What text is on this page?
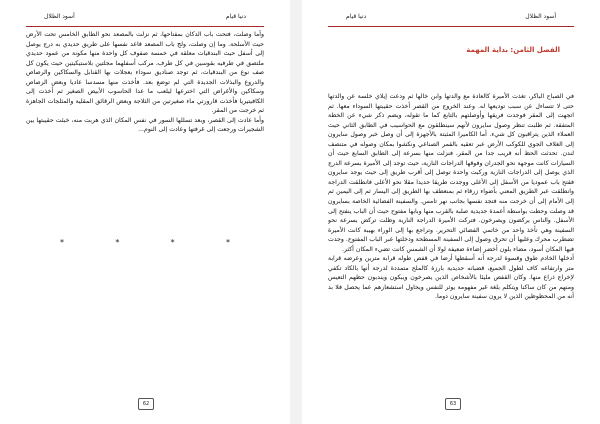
أسود الظلال	دنيا قيام

وأما وصلت، فتحت باب الدكان بمفتاحها، ثم نزلت بالمصعد نحو الطابق الخامس تحت الأرض حيث الأسلحة. وما إن وصلت، ولج باب المصعد قاعد نفسها على طريق حديدي به درج يوصل إلى أسفل حيث البندقيات معلقة في خمسة صفوف كل واحدة منها مكونة من عمود حديدي ملتصق في طرفيه بقوسين في كل طرف، مركب أسفلهما مجلتين بلاستيكيتين حيث يكون كل صف نوع من البندقيات، ثم توجد صناديق سوداء بعجلات بها القنابل والسكاكين والرصاص والدروع والبذلات الجديدة التي لم توضع بعد. فأخذت منها مسدسا عاديا وبعض الرصاص وسكاكين والأغراض التي اخترعها ليلعب ما عدا الحاسوب الأبيض الصغير ثم أخذت إلى الكافيتيريا فأخذت قارورتي ماء صغيرتين من الثلاجة وبعض الرقائق المقلية والمثلجات الجاهزة ثم خرجت من المقر.

وأما عادت إلى القصر، وبعد تسللها السور في نفس المكان الذي هربت منه، خبئت حقيبتها بين الشجيرات ورجعت إلى غرفتها وعادت إلى النوم...

*	*	*	*
62
دنيا قيام	أسود الظلال
الفصل الثامن: بداية المهمة

في الصباح الباكر، تغذت الأميرة كالعادة مع والدتها وابن خالها ثم ودعت إيلاي خلسة عن والدتها حتى لا تتساءل عن سبب توديعها له. وعند الخروج من القصر أخذت حقيبتها السوداء معها. ثم اتجهت إلى المقر فوجدت فريقها وأوصلتهم بالتابع كما ما تقوله، ويضم ذكر شيء عن الخطة المتفقة. ثم طلبت تنظر وصول سايرون لأنهم سينطلقون مع الحواسيب في الطابق الثاني حيث العملاء الذين يتراقبون كل شيء. أما الكاميرا المثبتة بالأجهزة إلى أن وصل خبر وصول سايرون إلى الغلاف الجوي للكوكب الأرض عبر تعقيه بالقمر الصناعي ونكشوا بمكان وصوله في متنصف لندن. تحدثت الحظ أنه قريب جدا من المقر. فنزلت منها بسرعة إلى الطابق السابع حيث أن السيارات كانت موجهة نحو الجدران وفوقها الدراجات النارية، حيث توجد إلى الأميرة بسرعة الدرج الذي يوصل إلى الدراجات النارية وركبت واحدة توصل إلى أقرب طريق إلى حيث يوجد سايرون فقتح باب عموديا من الأسفل إلى الأعلى ووجدت طريقا حديدا مقلا نحو الأعلى فانطلقت الدراجة وانطلقت عبر الطريق المعني بأضواء زرقاء ثم بمنعطف بها الطريق إلى اليسار ثم إلى اليمين ثم إلى الأمام إلى أن خرجت منه فتجد نفسها بجانب نهر تامس. والسفينة الفضائية الخاصة بسايرون قد وصلت وحطت بواسطة أعمدة حديدية صلبة بالقرب منها وبابها مفتوح حيث أن الباب ينفتح إلى الأسفل. والناس يركضون ويصرخون. فتركت الأميرة الدراجة النارية وظلت تركض بسرعة نحو السفينة وهي تأخذ واحد من خاتمي الفضائي التحرير. وتراجع بها إلى الوراء بهيبة كانت الأميرة تضطرب محرك وعليها أن تحرق وصول إلى السفينة المسطحة ودخلتها عبر الباب المفتوح. وجدت فيها المكان أسود، مضاء بلون أخضر إضاءة ضعيفة لولا أن الشمس كانت تضيء المكان أكثر.

أدخلها الخادم طوق وقسوة لدرجة أنه أسقطها أرضا في قفص طوله قرابة مترين وعرضه قرابة متر وارتفاعه كاف لطول الجميع، قضبانه حديدية بارزة كالملح متمددة لدرجة أنها بالكاد تكفي لإخراج ذراع منها. وكان القفص مليئا بالأشخاص الذين يصرخون ويبكون ويندبون حظهم التعيس ومنهم من كان ساكنا ويتكلم بلغة غير مفهومة يوثر للنفس ويحاول استشعارهم عما يحصل فلا بد أنه من المحظوظين الذين لا يرون سفينة سايرون دوما.

63
